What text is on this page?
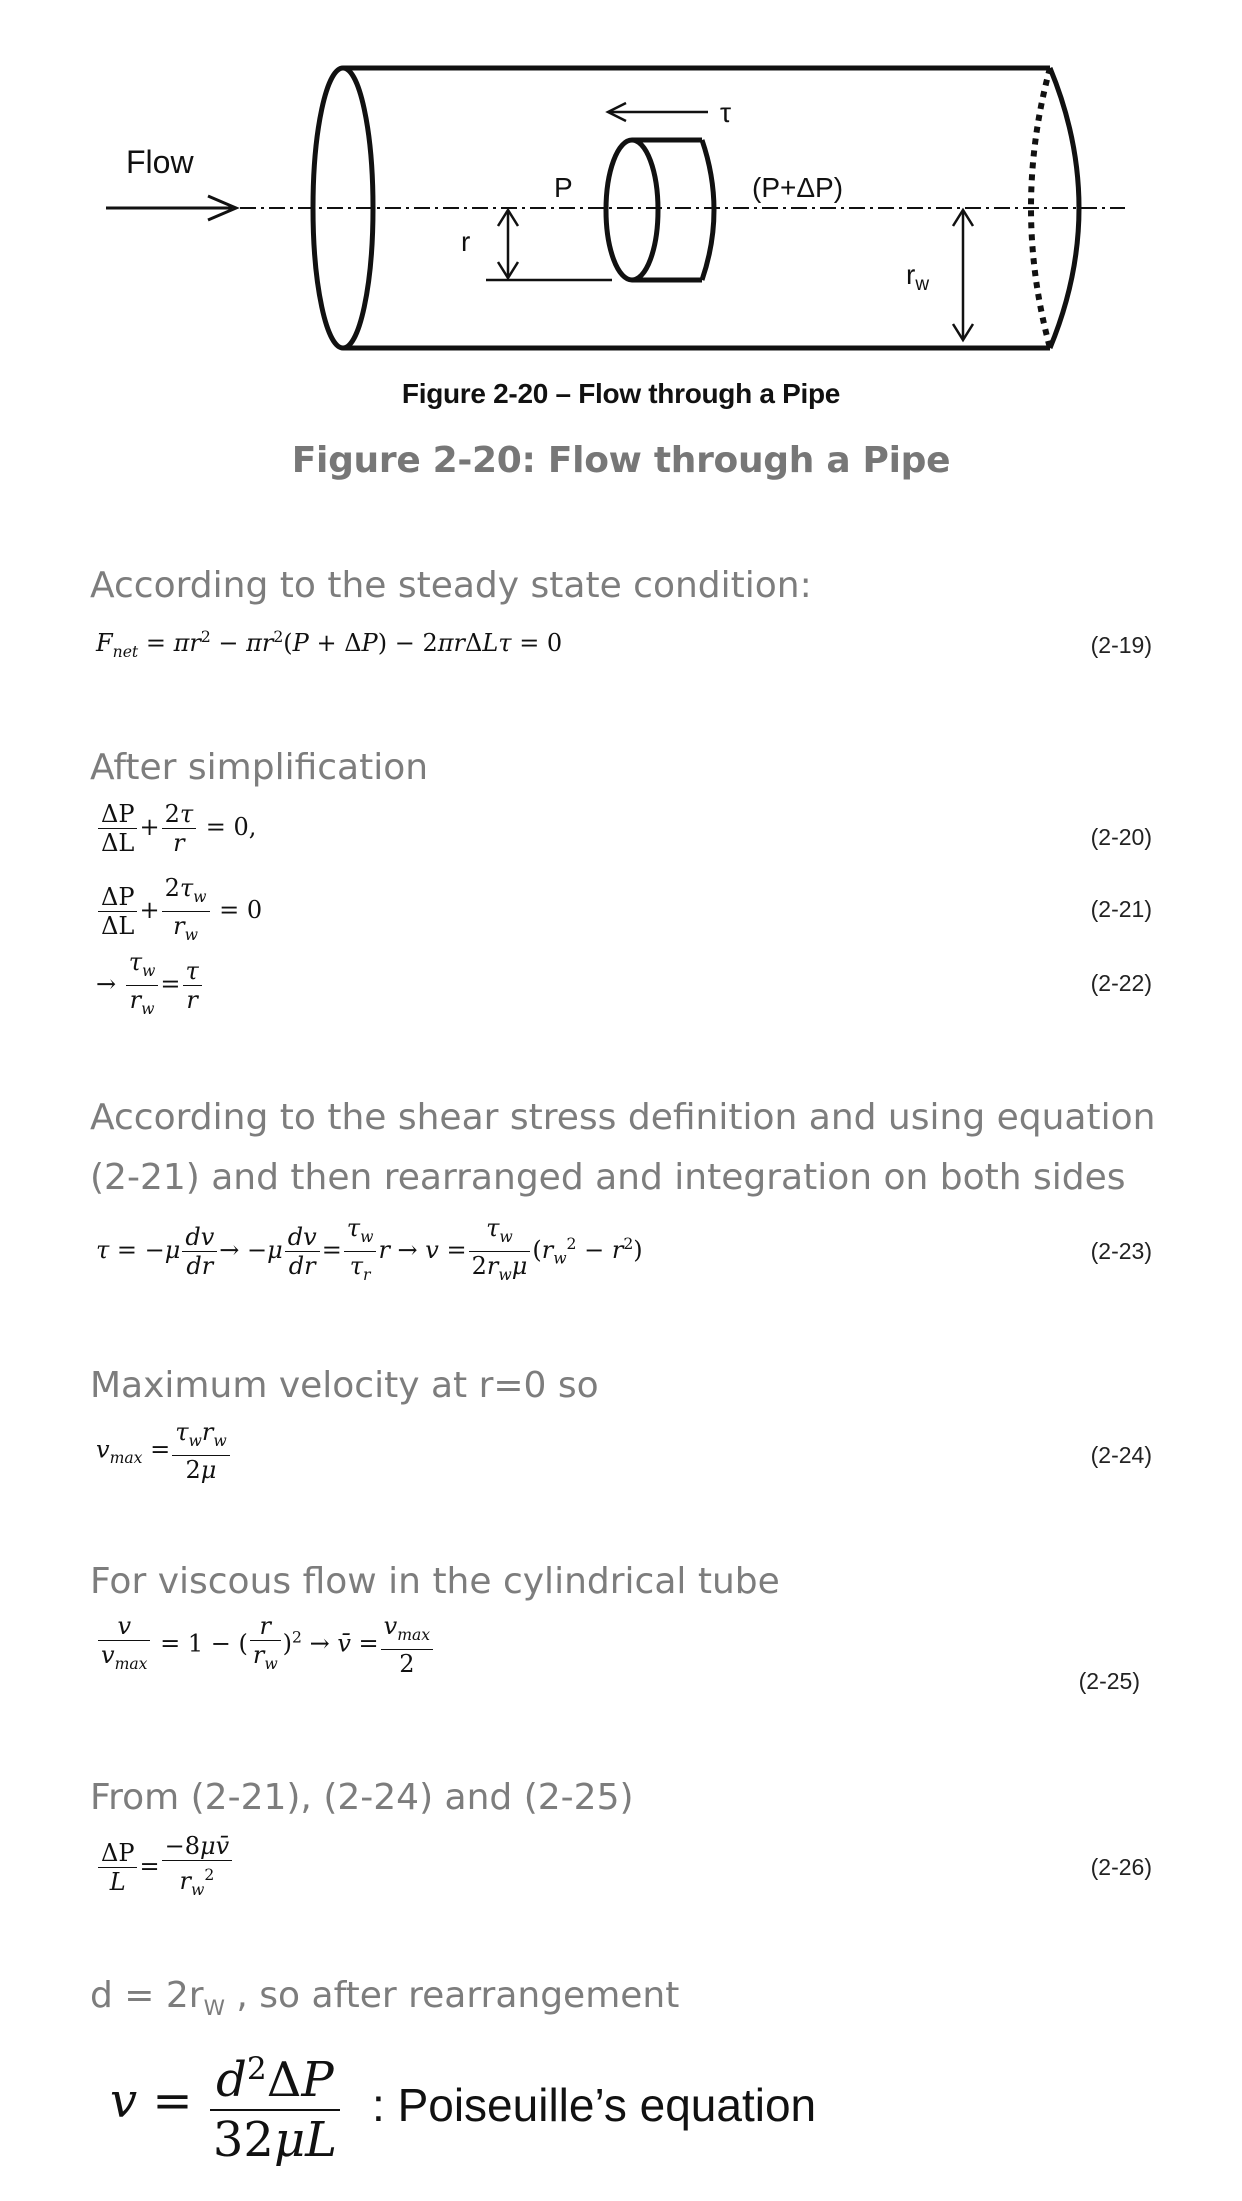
Flow
P	(P+ΔP)
τ
r
$r_w$
Figure 2-20 – Flow through a Pipe
Figure 2-20: Flow through a Pipe
According to the steady state condition:
$F_{net} = \pi r^2 - \pi r^2(P + \Delta P) - 2\pi r\Delta L\tau = 0$	(2-19)
After simplification
$\frac{\Delta P}{\Delta L} + \frac{2\tau}{r} = 0$,	(2-20)
$\frac{\Delta P}{\Delta L} + \frac{2\tau_w}{r_w} = 0$	(2-21)
→ $\frac{\tau_w}{r_w} = \frac{\tau}{r}$	(2-22)
According to the shear stress definition and using equation
(2-21) and then rearranged and integration on both sides
$\tau = -\mu \frac{dv}{dr} \to -\mu \frac{dv}{dr} = \frac{\tau_w}{\tau_r}$ $r \to v = \frac{\tau_w}{2r_w\mu} (r_w^2 - r^2)$	(2-23)
Maximum velocity at r=0 so
$v_{max} = \frac{\tau_wr_w}{2\mu}$	(2-24)
For viscous flow in the cylindrical tube
$\frac{v}{v_{max}} = 1$ − ( $\frac{r}{r_w} )^2$ → v̄ = $\frac{v_{max}}{2}$
(2-25)
From (2-21), (2-24) and (2-25)
$\frac{\Delta P}{L} = \frac{-8\mu v̄}{r_w^2}$	(2-26)
$d = 2r_W$ , so after rearrangement
$v = \frac{d^2\Delta P}{32\mu L}$ : Poiseuille’s equation
